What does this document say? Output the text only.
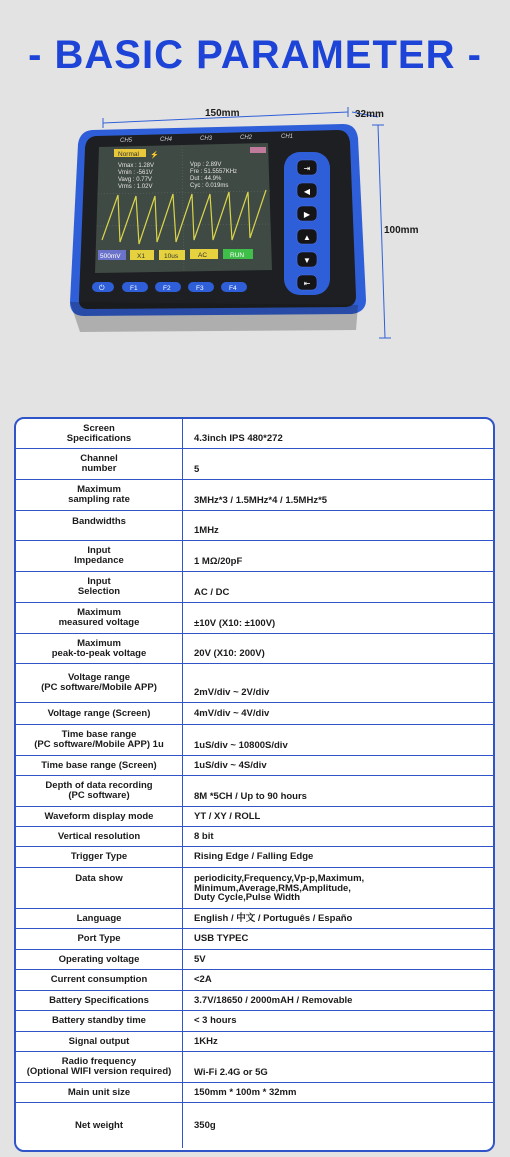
- BASIC PARAMETER -
150mm	32mm
100mm
CH5	CH4	CH3	CH2	CH1
Normal ⚡
Vmax : 1.28V
Vmin : -561V
Vavg : 0.77V
Vrms : 1.02V
Vpp : 2.89V
Fre : 51.5557KHz
Dut : 44.9%
Cyc : 0.019ms
500mV	X1	10us	AC	RUN
⇥
◀
▶
▲
▼
⇤
⏻	F1	F2	F3	F4
Screen
Specifications	4.3inch IPS 480*272
Channel
number	5
Maximum
sampling rate	3MHz*3 / 1.5MHz*4 / 1.5MHz*5
Bandwidths
1MHz
Input
Impedance	1 MΩ/20pF
Input
Selection	AC / DC
Maximum
measured voltage	±10V (X10: ±100V)
Maximum
peak-to-peak voltage	20V (X10: 200V)
Voltage range
(PC software/Mobile APP)	2mV/div ~ 2V/div
Voltage range (Screen)	4mV/div ~ 4V/div
Time base range
(PC software/Mobile APP) 1u	1uS/div ~ 10800S/div
Time base range (Screen)	1uS/div ~ 4S/div
Depth of data recording
(PC software)	8M *5CH / Up to 90 hours
Waveform display mode	YT / XY / ROLL
Vertical resolution	8 bit
Trigger Type	Rising Edge / Falling Edge
Data show	periodicity,Frequency,Vp-p,Maximum,
Minimum,Average,RMS,Amplitude,
Duty Cycle,Pulse Width
Language	English / 中文 / Português / Españo
Port Type	USB TYPEC
Operating voltage	5V
Current consumption	<2A
Battery Specifications	3.7V/18650 / 2000mAH / Removable
Battery standby time	< 3 hours
Signal output	1KHz
Radio frequency
(Optional WIFI version required) Wi-Fi 2.4G or 5G
Main unit size	150mm * 100m * 32mm
Net weight	350g
